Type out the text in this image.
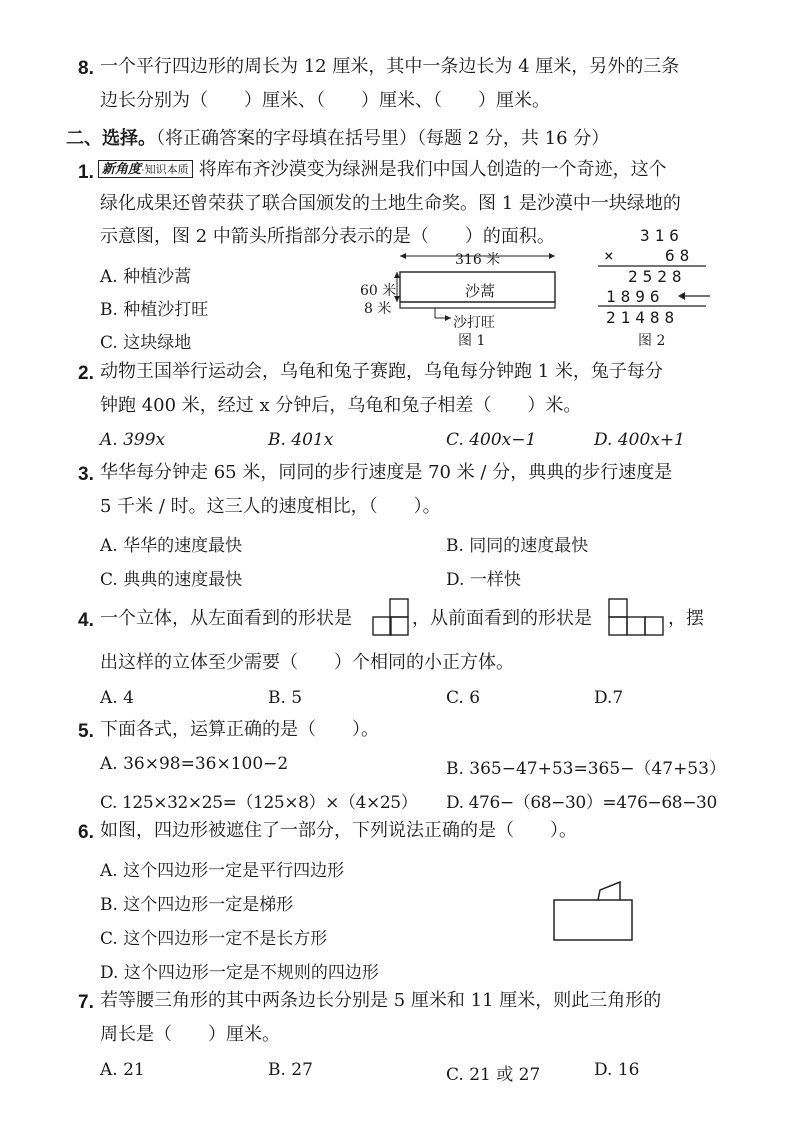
8. 一个平行四边形的周长为 12 厘米，其中一条边长为 4 厘米，另外的三条
边长分别为（　　）厘米、（　　）厘米、（　　）厘米。
二、选择。（将正确答案的字母填在括号里）（每题 2 分，共 16 分）
1. 新角度·知识本质 将库布齐沙漠变为绿洲是我们中国人创造的一个奇迹，这个
绿化成果还曾荣获了联合国颁发的土地生命奖。图 1 是沙漠中一块绿地的
示意图，图 2 中箭头所指部分表示的是（　　）的面积。
A. 种植沙蒿
B. 种植沙打旺
C. 这块绿地
316 米
60 米
8 米
沙蒿
沙打旺
图 1
316
×	68
2528
1896
21488
图 2
2. 动物王国举行运动会，乌龟和兔子赛跑，乌龟每分钟跑 1 米，兔子每分
钟跑 400 米，经过 x 分钟后，乌龟和兔子相差（　　）米。
A. 399x	B. 401x	C. 400x−1	D. 400x+1
3. 华华每分钟走 65 米，同同的步行速度是 70 米 / 分，典典的步行速度是
5 千米 / 时。这三人的速度相比，（　　）。
A. 华华的速度最快	B. 同同的速度最快
C. 典典的速度最快	D. 一样快
4. 一个立体，从左面看到的形状是	，从前面看到的形状是	，摆
出这样的立体至少需要（　　）个相同的小正方体。
A. 4	B. 5	C. 6	D.7
5. 下面各式，运算正确的是（　　）。
A. 36×98=36×100−2	B. 365−47+53=365−（47+53）
C. 125×32×25=（125×8）×（4×25） D. 476−（68−30）=476−68−30
6. 如图，四边形被遮住了一部分，下列说法正确的是（　　）。
A. 这个四边形一定是平行四边形
B. 这个四边形一定是梯形
C. 这个四边形一定不是长方形
D. 这个四边形一定是不规则的四边形
7. 若等腰三角形的其中两条边长分别是 5 厘米和 11 厘米，则此三角形的
周长是（　　）厘米。
A. 21	B. 27	C. 21 或 27	D. 16
